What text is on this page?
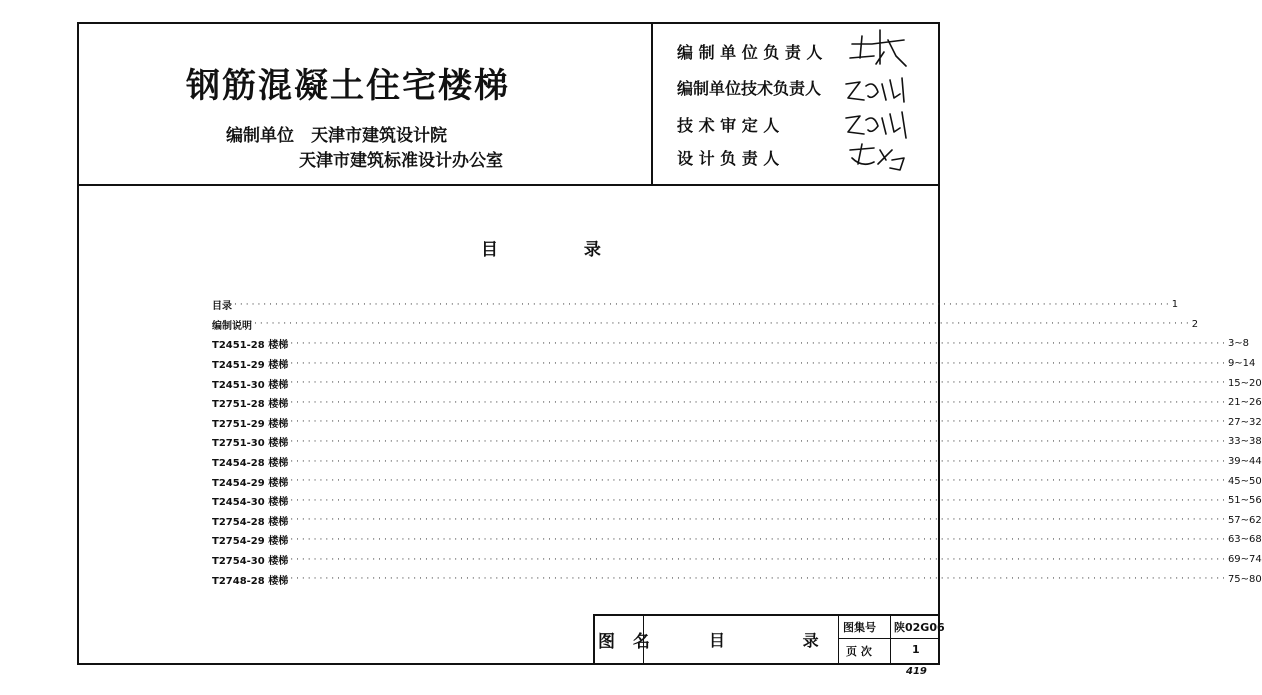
钢筋混凝土住宅楼梯
编制单位 天津市建筑设计院
天津市建筑标准设计办公室
编 制 单 位 负 责 人
编制单位技术负责人
技 术 审 定 人
设 计 负 责 人
目 录
目录 ································································································································································ 1
编制说明 ································································································································································ 2
T2451-28 楼梯 ································································································································································ 3~8
T2451-29 楼梯 ································································································································································ 9~14
T2451-30 楼梯 ································································································································································ 15~20
T2751-28 楼梯 ································································································································································ 21~26
T2751-29 楼梯 ································································································································································ 27~32
T2751-30 楼梯 ································································································································································ 33~38
T2454-28 楼梯 ································································································································································ 39~44
T2454-29 楼梯 ································································································································································ 45~50
T2454-30 楼梯 ································································································································································ 51~56
T2754-28 楼梯 ································································································································································ 57~62
T2754-29 楼梯 ································································································································································ 63~68
T2754-30 楼梯 ································································································································································ 69~74
T2748-28 楼梯 ································································································································································ 75~80
图 名	目 录
图集号 陕02G06
页 次	1
419
